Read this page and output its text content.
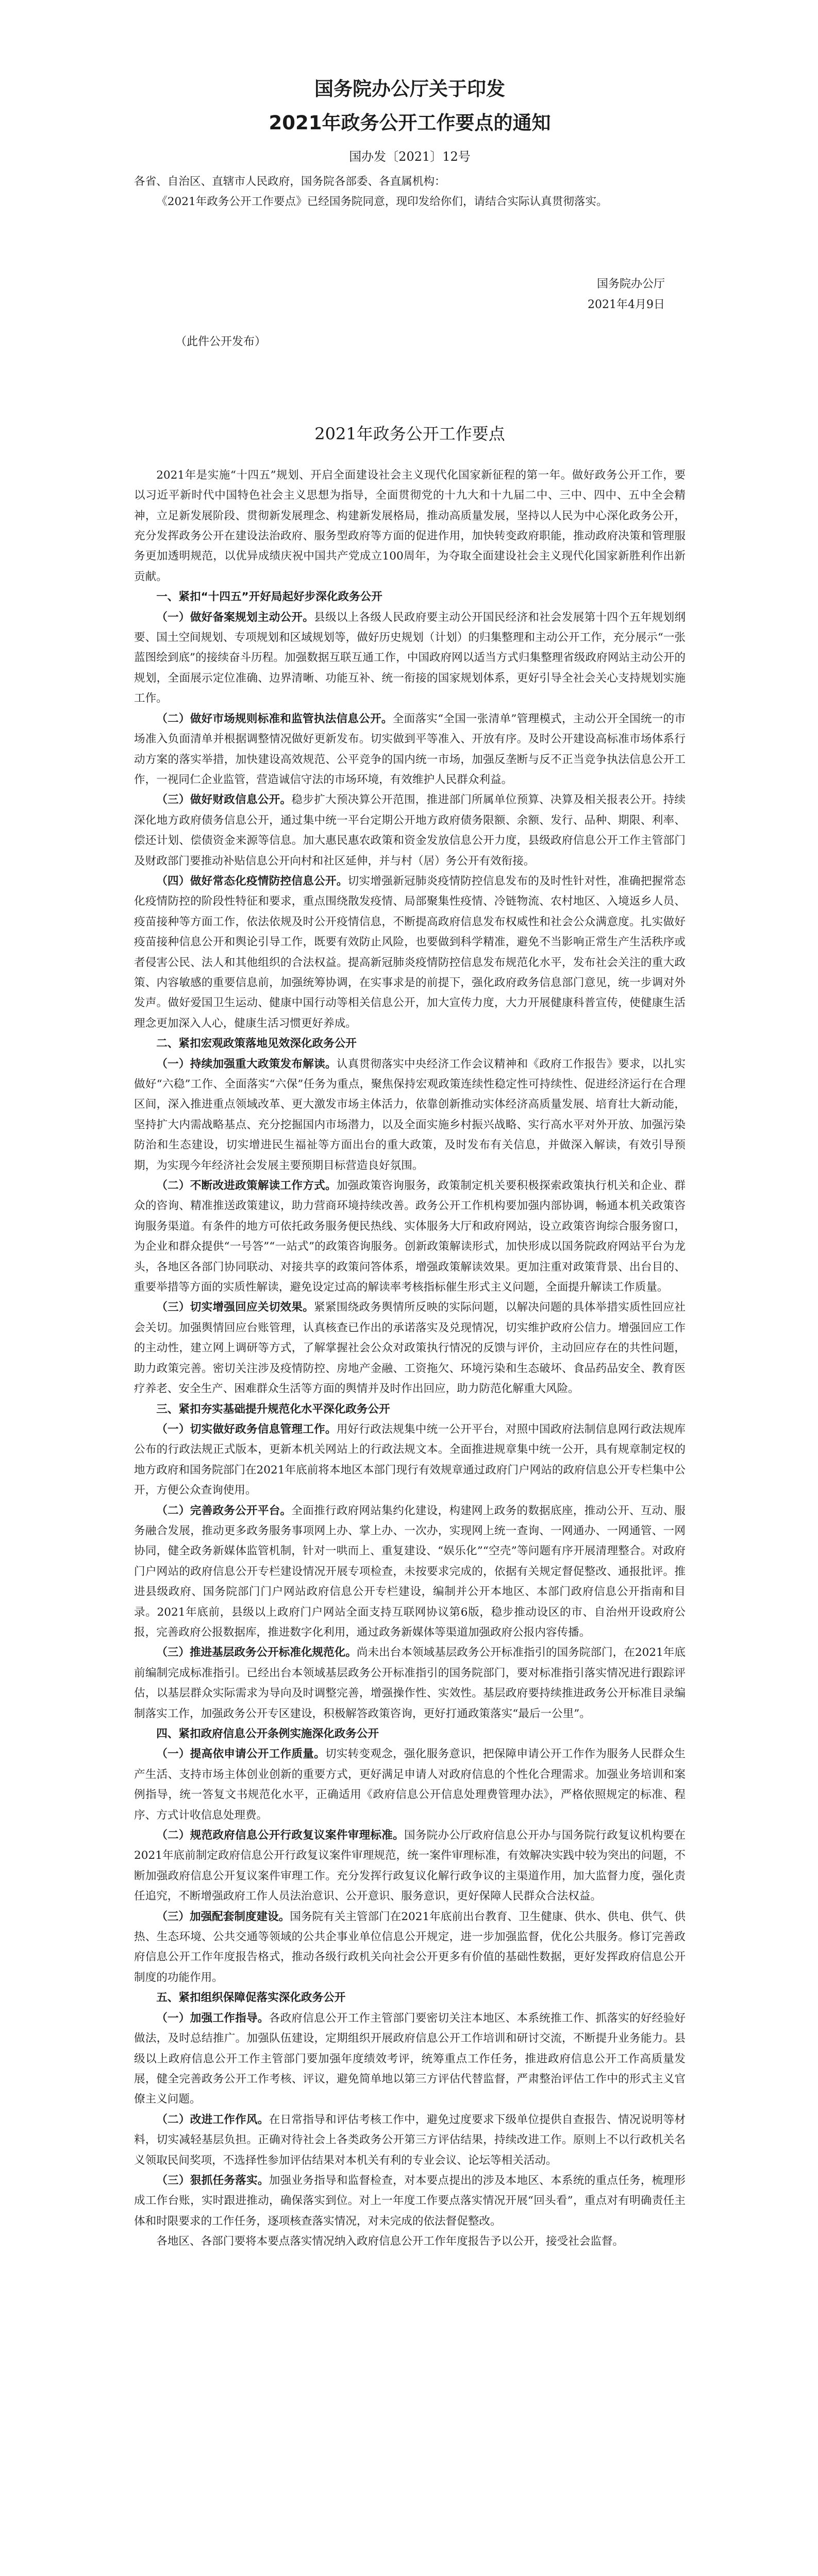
国务院办公厅关于印发
2021年政务公开工作要点的通知

国办发〔2021〕12号

各省、自治区、直辖市人民政府，国务院各部委、各直属机构：

《2021年政务公开工作要点》已经国务院同意，现印发给你们，请结合实际认真贯彻落实。

国务院办公厅

2021年4月9日

（此件公开发布）

2021年政务公开工作要点

2021年是实施“十四五”规划、开启全面建设社会主义现代化国家新征程的第一年。做好政务公开工作，要以习近平新时代中国特色社会主义思想为指导，全面贯彻党的十九大和十九届二中、三中、四中、五中全会精神，立足新发展阶段、贯彻新发展理念、构建新发展格局，推动高质量发展，坚持以人民为中心深化政务公开，充分发挥政务公开在建设法治政府、服务型政府等方面的促进作用，加快转变政府职能，推动政府决策和管理服务更加透明规范，以优异成绩庆祝中国共产党成立100周年，为夺取全面建设社会主义现代化国家新胜利作出新贡献。

一、紧扣“十四五”开好局起好步深化政务公开

（一）做好备案规划主动公开。县级以上各级人民政府要主动公开国民经济和社会发展第十四个五年规划纲要、国土空间规划、专项规划和区域规划等，做好历史规划（计划）的归集整理和主动公开工作，充分展示“一张蓝图绘到底”的接续奋斗历程。加强数据互联互通工作，中国政府网以适当方式归集整理省级政府网站主动公开的规划，全面展示定位准确、边界清晰、功能互补、统一衔接的国家规划体系，更好引导全社会关心支持规划实施工作。

（二）做好市场规则标准和监管执法信息公开。全面落实“全国一张清单”管理模式，主动公开全国统一的市场准入负面清单并根据调整情况做好更新发布。切实做到平等准入、开放有序。及时公开建设高标准市场体系行动方案的落实举措，加快建设高效规范、公平竞争的国内统一市场，加强反垄断与反不正当竞争执法信息公开工作，一视同仁企业监管，营造诚信守法的市场环境，有效维护人民群众利益。

（三）做好财政信息公开。稳步扩大预决算公开范围，推进部门所属单位预算、决算及相关报表公开。持续深化地方政府债务信息公开，通过集中统一平台定期公开地方政府债务限额、余额、发行、品种、期限、利率、偿还计划、偿债资金来源等信息。加大惠民惠农政策和资金发放信息公开力度，县级政府信息公开工作主管部门及财政部门要推动补贴信息公开向村和社区延伸，并与村（居）务公开有效衔接。

（四）做好常态化疫情防控信息公开。切实增强新冠肺炎疫情防控信息发布的及时性针对性，准确把握常态化疫情防控的阶段性特征和要求，重点围绕散发疫情、局部聚集性疫情、冷链物流、农村地区、入境返乡人员、疫苗接种等方面工作，依法依规及时公开疫情信息，不断提高政府信息发布权威性和社会公众满意度。扎实做好疫苗接种信息公开和舆论引导工作，既要有效防止风险，也要做到科学精准，避免不当影响正常生产生活秩序或者侵害公民、法人和其他组织的合法权益。提高新冠肺炎疫情防控信息发布规范化水平，发布社会关注的重大政策、内容敏感的重要信息前，加强统筹协调，在实事求是的前提下，强化政府政务信息部门意见，统一步调对外发声。做好爱国卫生运动、健康中国行动等相关信息公开，加大宣传力度，大力开展健康科普宣传，使健康生活理念更加深入人心，健康生活习惯更好养成。

二、紧扣宏观政策落地见效深化政务公开

（一）持续加强重大政策发布解读。认真贯彻落实中央经济工作会议精神和《政府工作报告》要求，以扎实做好“六稳”工作、全面落实“六保”任务为重点，聚焦保持宏观政策连续性稳定性可持续性、促进经济运行在合理区间，深入推进重点领域改革、更大激发市场主体活力，依靠创新推动实体经济高质量发展、培育壮大新动能，坚持扩大内需战略基点、充分挖掘国内市场潜力，以及全面实施乡村振兴战略、实行高水平对外开放、加强污染防治和生态建设，切实增进民生福祉等方面出台的重大政策，及时发布有关信息，并做深入解读，有效引导预期，为实现今年经济社会发展主要预期目标营造良好氛围。

（二）不断改进政策解读工作方式。加强政策咨询服务，政策制定机关要积极探索政策执行机关和企业、群众的咨询、精准推送政策建议，助力营商环境持续改善。政务公开工作机构要加强内部协调，畅通本机关政策咨询服务渠道。有条件的地方可依托政务服务便民热线、实体服务大厅和政府网站，设立政策咨询综合服务窗口，为企业和群众提供“一号答”“一站式”的政策咨询服务。创新政策解读形式，加快形成以国务院政府网站平台为龙头，各地区各部门协同联动、对接共享的政策问答体系，增强政策解读效果。更加注重对政策背景、出台目的、重要举措等方面的实质性解读，避免设定过高的解读率考核指标催生形式主义问题，全面提升解读工作质量。

（三）切实增强回应关切效果。紧紧围绕政务舆情所反映的实际问题，以解决问题的具体举措实质性回应社会关切。加强舆情回应台账管理，认真核查已作出的承诺落实及兑现情况，切实维护政府公信力。增强回应工作的主动性，建立网上调研等方式，了解掌握社会公众对政策执行情况的反馈与评价，主动回应存在的共性问题，助力政策完善。密切关注涉及疫情防控、房地产金融、工资拖欠、环境污染和生态破坏、食品药品安全、教育医疗养老、安全生产、困难群众生活等方面的舆情并及时作出回应，助力防范化解重大风险。

三、紧扣夯实基础提升规范化水平深化政务公开

（一）切实做好政务信息管理工作。用好行政法规集中统一公开平台，对照中国政府法制信息网行政法规库公布的行政法规正式版本，更新本机关网站上的行政法规文本。全面推进规章集中统一公开，具有规章制定权的地方政府和国务院部门在2021年底前将本地区本部门现行有效规章通过政府门户网站的政府信息公开专栏集中公开，方便公众查询使用。

（二）完善政务公开平台。全面推行政府网站集约化建设，构建网上政务的数据底座，推动公开、互动、服务融合发展，推动更多政务服务事项网上办、掌上办、一次办，实现网上统一查询、一网通办、一网通管、一网协同，健全政务新媒体监管机制，针对一哄而上、重复建设、“娱乐化”“空壳”等问题有序开展清理整合。对政府门户网站的政府信息公开专栏建设情况开展专项检查，未按要求完成的，依据有关规定督促整改、通报批评。推进县级政府、国务院部门门户网站政府信息公开专栏建设，编制并公开本地区、本部门政府信息公开指南和目录。2021年底前，县级以上政府门户网站全面支持互联网协议第6版，稳步推动设区的市、自治州开设政府公报，完善政府公报数据库，推进数字化利用，通过政务新媒体等渠道加强政府公报内容传播。

（三）推进基层政务公开标准化规范化。尚未出台本领域基层政务公开标准指引的国务院部门，在2021年底前编制完成标准指引。已经出台本领域基层政务公开标准指引的国务院部门，要对标准指引落实情况进行跟踪评估，以基层群众实际需求为导向及时调整完善，增强操作性、实效性。基层政府要持续推进政务公开标准目录编制落实工作，加强政务公开专区建设，积极解答政策咨询，更好打通政策落实“最后一公里”。

四、紧扣政府信息公开条例实施深化政务公开

（一）提高依申请公开工作质量。切实转变观念，强化服务意识，把保障申请公开工作作为服务人民群众生产生活、支持市场主体创业创新的重要方式，更好满足申请人对政府信息的个性化合理需求。加强业务培训和案例指导，统一答复文书规范化水平，正确适用《政府信息公开信息处理费管理办法》，严格依照规定的标准、程序、方式计收信息处理费。

（二）规范政府信息公开行政复议案件审理标准。国务院办公厅政府信息公开办与国务院行政复议机构要在2021年底前制定政府信息公开行政复议案件审理规范，统一案件审理标准，有效解决实践中较为突出的问题，不断加强政府信息公开复议案件审理工作。充分发挥行政复议化解行政争议的主渠道作用，加大监督力度，强化责任追究，不断增强政府工作人员法治意识、公开意识、服务意识，更好保障人民群众合法权益。

（三）加强配套制度建设。国务院有关主管部门在2021年底前出台教育、卫生健康、供水、供电、供气、供热、生态环境、公共交通等领域的公共企事业单位信息公开规定，进一步加强监督，优化公共服务。修订完善政府信息公开工作年度报告格式，推动各级行政机关向社会公开更多有价值的基础性数据，更好发挥政府信息公开制度的功能作用。

五、紧扣组织保障促落实深化政务公开

（一）加强工作指导。各政府信息公开工作主管部门要密切关注本地区、本系统推工作、抓落实的好经验好做法，及时总结推广。加强队伍建设，定期组织开展政府信息公开工作培训和研讨交流，不断提升业务能力。县级以上政府信息公开工作主管部门要加强年度绩效考评，统筹重点工作任务，推进政府信息公开工作高质量发展，健全完善政务公开工作考核、评议，避免简单地以第三方评估代替监督，严肃整治评估工作中的形式主义官僚主义问题。

（二）改进工作作风。在日常指导和评估考核工作中，避免过度要求下级单位提供自查报告、情况说明等材料，切实减轻基层负担。正确对待社会上各类政务公开第三方评估结果，持续改进工作。原则上不以行政机关名义领取民间奖项，不选择性参加评估结果对本机关有利的专业会议、论坛等相关活动。

（三）狠抓任务落实。加强业务指导和监督检查，对本要点提出的涉及本地区、本系统的重点任务，梳理形成工作台账，实时跟进推动，确保落实到位。对上一年度工作要点落实情况开展“回头看”，重点对有明确责任主体和时限要求的工作任务，逐项核查落实情况，对未完成的依法督促整改。

各地区、各部门要将本要点落实情况纳入政府信息公开工作年度报告予以公开，接受社会监督。
